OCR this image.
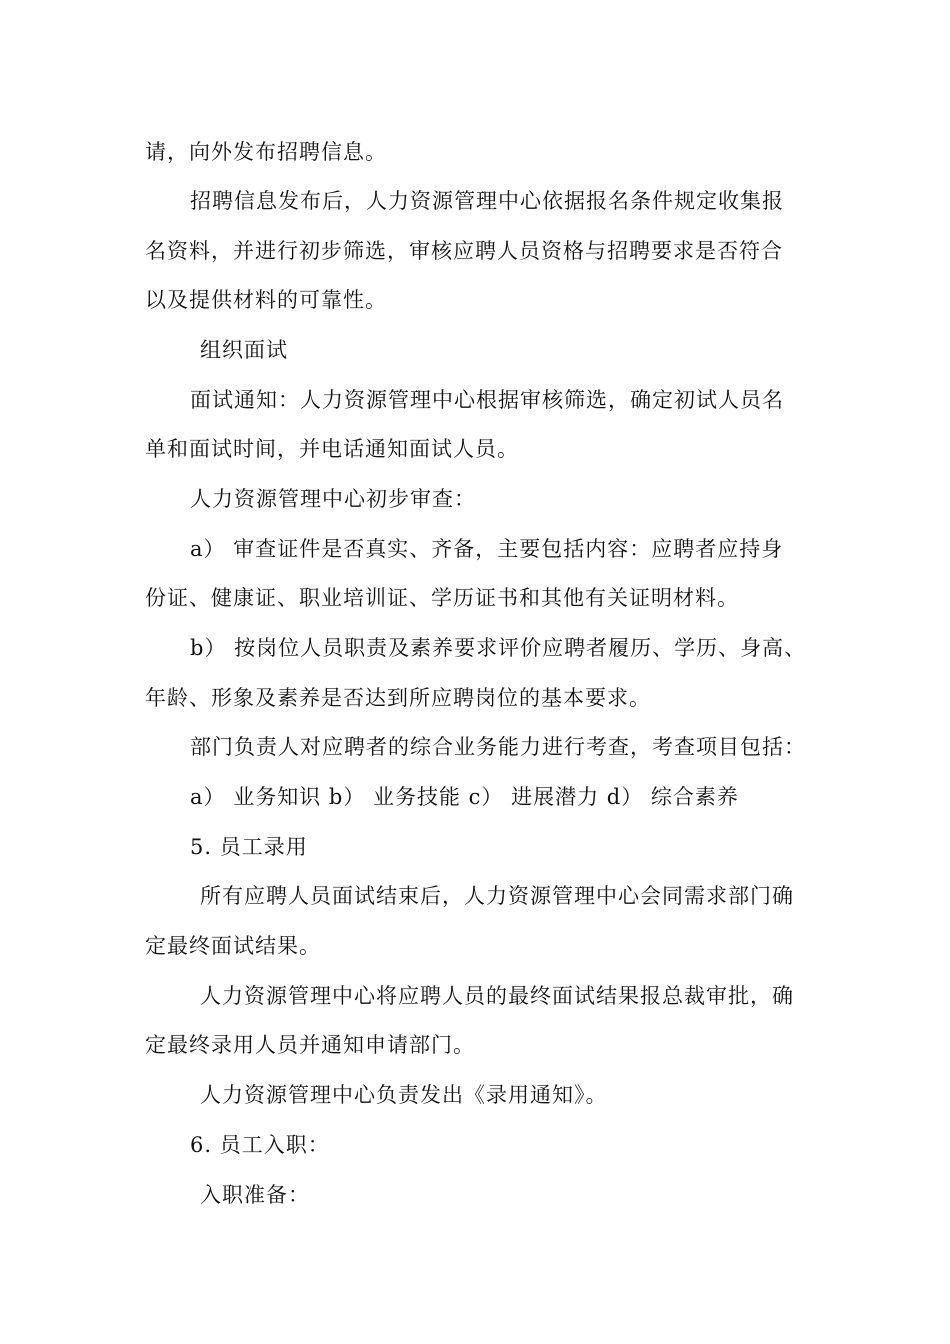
请，向外发布招聘信息。
招聘信息发布后，人力资源管理中心依据报名条件规定收集报
名资料，并进行初步筛选，审核应聘人员资格与招聘要求是否符合
以及提供材料的可靠性。
组织面试
面试通知：人力资源管理中心根据审核筛选，确定初试人员名
单和面试时间，并电话通知面试人员。
人力资源管理中心初步审查：
a） 审查证件是否真实、齐备，主要包括内容：应聘者应持身
份证、健康证、职业培训证、学历证书和其他有关证明材料。
b） 按岗位人员职责及素养要求评价应聘者履历、学历、身高、
年龄、形象及素养是否达到所应聘岗位的基本要求。
部门负责人对应聘者的综合业务能力进行考查，考查项目包括：
a） 业务知识 b） 业务技能 c） 进展潜力 d） 综合素养
5. 员工录用
所有应聘人员面试结束后，人力资源管理中心会同需求部门确
定最终面试结果。
人力资源管理中心将应聘人员的最终面试结果报总裁审批，确
定最终录用人员并通知申请部门。
人力资源管理中心负责发出《录用通知》。
6. 员工入职：
入职准备：
